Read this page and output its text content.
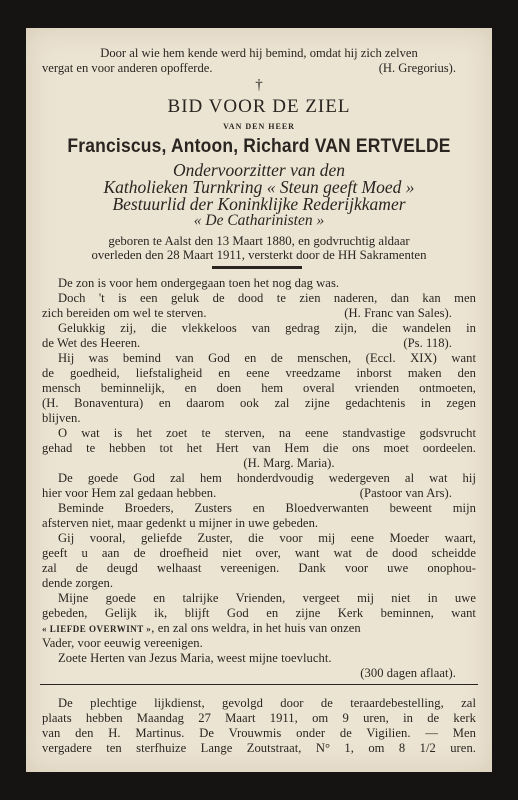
Door al wie hem kende werd hij bemind, omdat hij zich zelven
vergat en voor anderen opofferde.	(H. Gregorius).
†
BID VOOR DE ZIEL
VAN DEN HEER
Franciscus, Antoon, Richard VAN ERTVELDE
Ondervoorzitter van den
Katholieken Turnkring « Steun geeft Moed »
Bestuurlid der Koninklijke Rederijkkamer
« De Catharinisten »
geboren te Aalst den 13 Maart 1880, en godvruchtig aldaar
overleden den 28 Maart 1911, versterkt door de HH Sakramenten
De zon is voor hem ondergegaan toen het nog dag was.
Doch 't is een geluk de dood te zien naderen, dan kan men
zich bereiden om wel te sterven.	(H. Franc van Sales).
Gelukkig zij, die vlekkeloos van gedrag zijn, die wandelen in
de Wet des Heeren.	(Ps. 118).
Hij was bemind van God en de menschen, (Eccl. XIX) want
de goedheid, liefstaligheid en eene vreedzame inborst maken den
mensch beminnelijk, en doen hem overal vrienden ontmoeten,
(H. Bonaventura) en daarom ook zal zijne gedachtenis in zegen
blijven.
O wat is het zoet te sterven, na eene standvastige godsvrucht
gehad te hebben tot het Hert van Hem die ons moet oordeelen.
(H. Marg. Maria).
De goede God zal hem honderdvoudig wedergeven al wat hij
hier voor Hem zal gedaan hebben.	(Pastoor van Ars).
Beminde Broeders, Zusters en Bloedverwanten beweent mijn
afsterven niet, maar gedenkt u mijner in uwe gebeden.
Gij vooral, geliefde Zuster, die voor mij eene Moeder waart,
geeft u aan de droefheid niet over, want wat de dood scheidde
zal de deugd welhaast vereenigen. Dank voor uwe onophou-
dende zorgen.
Mijne goede en talrijke Vrienden, vergeet mij niet in uwe
gebeden, Gelijk ik, blijft God en zijne Kerk beminnen, want
« LIEFDE OVERWINT », en zal ons weldra, in het huis van onzen
Vader, voor eeuwig vereenigen.
Zoete Herten van Jezus Maria, weest mijne toevlucht.
(300 dagen aflaat).
De plechtige lijkdienst, gevolgd door de teraardebestelling, zal
plaats hebben Maandag 27 Maart 1911, om 9 uren, in de kerk
van den H. Martinus. De Vrouwmis onder de Vigilien. — Men
vergadere ten sterfhuize Lange Zoutstraat, N° 1, om 8 1/2 uren.
